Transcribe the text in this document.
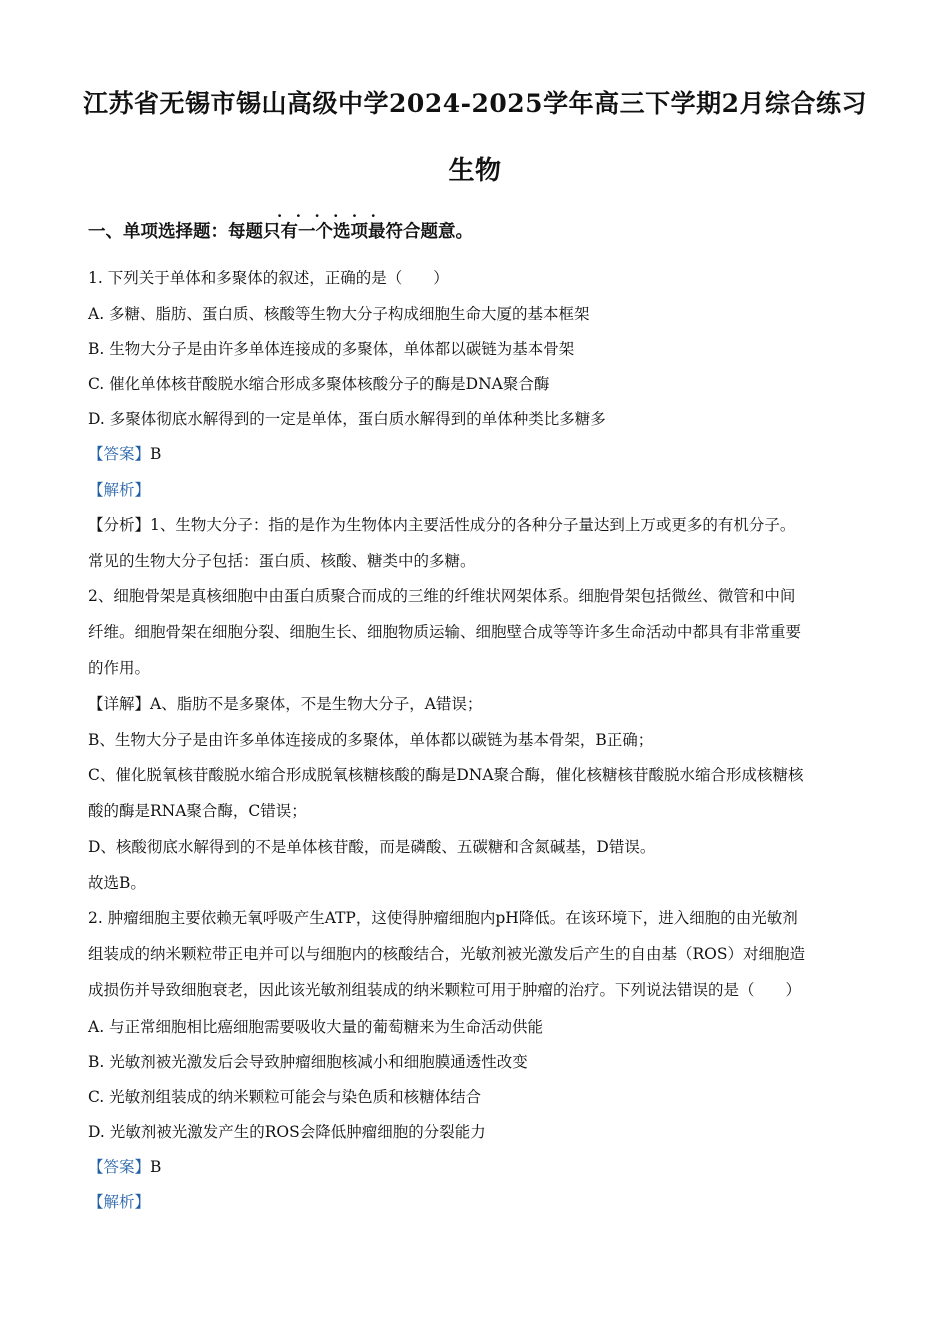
江苏省无锡市锡山高级中学2024-2025学年高三下学期2月综合练习
生物
······
一、单项选择题：每题只有一个选项最符合题意。
1. 下列关于单体和多聚体的叙述，正确的是（　　）
A. 多糖、脂肪、蛋白质、核酸等生物大分子构成细胞生命大厦的基本框架
B. 生物大分子是由许多单体连接成的多聚体，单体都以碳链为基本骨架
C. 催化单体核苷酸脱水缩合形成多聚体核酸分子的酶是DNA聚合酶
D. 多聚体彻底水解得到的一定是单体，蛋白质水解得到的单体种类比多糖多
【答案】B
【解析】
【分析】1、生物大分子：指的是作为生物体内主要活性成分的各种分子量达到上万或更多的有机分子。
常见的生物大分子包括：蛋白质、核酸、糖类中的多糖。
2、细胞骨架是真核细胞中由蛋白质聚合而成的三维的纤维状网架体系。细胞骨架包括微丝、微管和中间
纤维。细胞骨架在细胞分裂、细胞生长、细胞物质运输、细胞壁合成等等许多生命活动中都具有非常重要
的作用。
【详解】A、脂肪不是多聚体，不是生物大分子，A错误；
B、生物大分子是由许多单体连接成的多聚体，单体都以碳链为基本骨架，B正确；
C、催化脱氧核苷酸脱水缩合形成脱氧核糖核酸的酶是DNA聚合酶，催化核糖核苷酸脱水缩合形成核糖核
酸的酶是RNA聚合酶，C错误；
D、核酸彻底水解得到的不是单体核苷酸，而是磷酸、五碳糖和含氮碱基，D错误。
故选B。
2. 肿瘤细胞主要依赖无氧呼吸产生ATP，这使得肿瘤细胞内pH降低。在该环境下，进入细胞的由光敏剂
组装成的纳米颗粒带正电并可以与细胞内的核酸结合，光敏剂被光激发后产生的自由基（ROS）对细胞造
成损伤并导致细胞衰老，因此该光敏剂组装成的纳米颗粒可用于肿瘤的治疗。下列说法错误的是（　　）
A. 与正常细胞相比癌细胞需要吸收大量的葡萄糖来为生命活动供能
B. 光敏剂被光激发后会导致肿瘤细胞核减小和细胞膜通透性改变
C. 光敏剂组装成的纳米颗粒可能会与染色质和核糖体结合
D. 光敏剂被光激发产生的ROS会降低肿瘤细胞的分裂能力
【答案】B
【解析】
